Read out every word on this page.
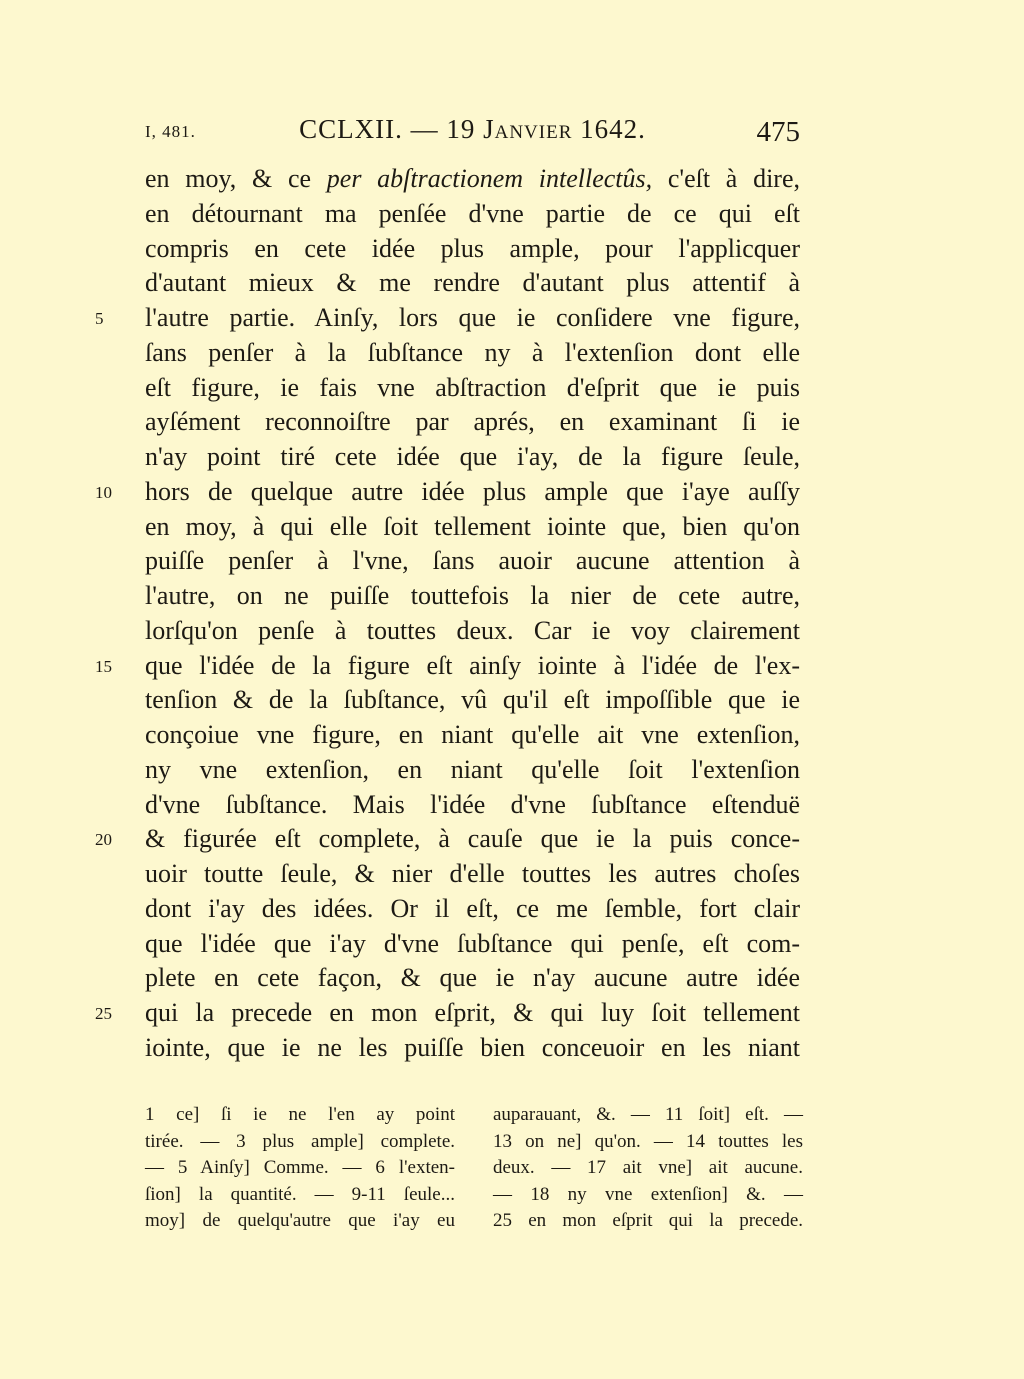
I, 481.	CCLXII. — 19 Janvier 1642.	475
en moy, & ce per abſtractionem intellectûs, c'eſt à dire,
en détournant ma penſée d'vne partie de ce qui eſt
compris en cete idée plus ample, pour l'applicquer
d'autant mieux & me rendre d'autant plus attentif à
5	l'autre partie. Ainſy, lors que ie conſidere vne figure,
ſans penſer à la ſubſtance ny à l'extenſion dont elle
eſt figure, ie fais vne abſtraction d'eſprit que ie puis
ayſément reconnoiſtre par aprés, en examinant ſi ie
n'ay point tiré cete idée que i'ay, de la figure ſeule,
10	hors de quelque autre idée plus ample que i'aye auſſy
en moy, à qui elle ſoit tellement iointe que, bien qu'on
puiſſe penſer à l'vne, ſans auoir aucune attention à
l'autre, on ne puiſſe touttefois la nier de cete autre,
lorſqu'on penſe à touttes deux. Car ie voy clairement
15	que l'idée de la figure eſt ainſy iointe à l'idée de l'ex-
tenſion & de la ſubſtance, vû qu'il eſt impoſſible que ie
conçoiue vne figure, en niant qu'elle ait vne extenſion,
ny vne extenſion, en niant qu'elle ſoit l'extenſion
d'vne ſubſtance. Mais l'idée d'vne ſubſtance eſtenduë
20	& figurée eſt complete, à cauſe que ie la puis conce-
uoir toutte ſeule, & nier d'elle touttes les autres choſes
dont i'ay des idées. Or il eſt, ce me ſemble, fort clair
que l'idée que i'ay d'vne ſubſtance qui penſe, eſt com-
plete en cete façon, & que ie n'ay aucune autre idée
25	qui la precede en mon eſprit, & qui luy ſoit tellement
iointe, que ie ne les puiſſe bien conceuoir en les niant
1 ce] ſi ie ne l'en ay point
tirée. — 3 plus ample] complete.
— 5 Ainſy] Comme. — 6 l'exten-
ſion] la quantité. — 9-11 ſeule...
moy] de quelqu'autre que i'ay eu
auparauant, &. — 11 ſoit] eſt. —
13 on ne] qu'on. — 14 touttes les
deux. — 17 ait vne] ait aucune.
— 18 ny vne extenſion] &. —
25 en mon eſprit qui la precede.
